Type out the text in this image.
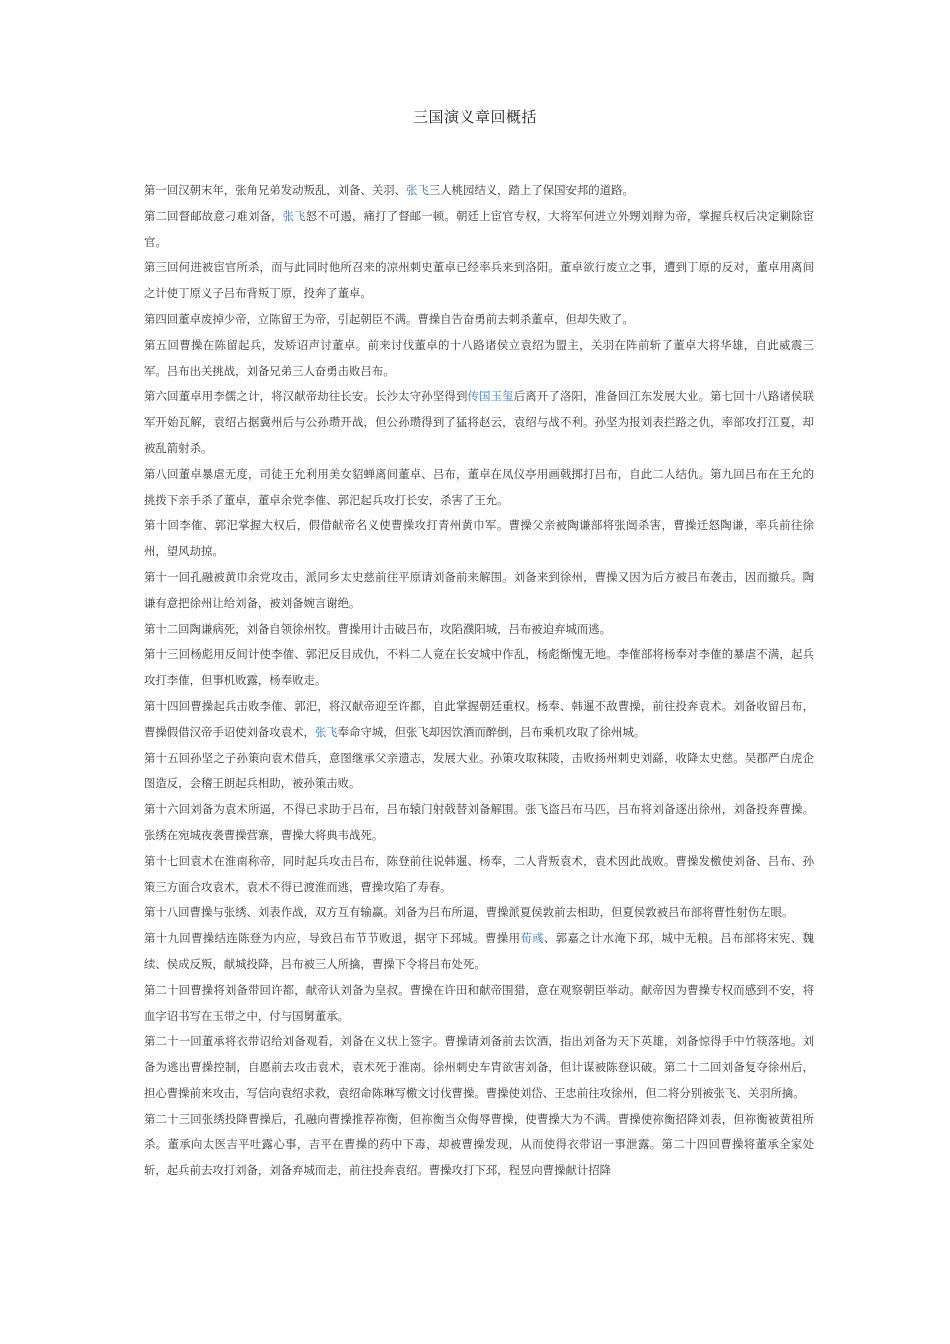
三国演义章回概括

第一回汉朝末年，张角兄弟发动叛乱，刘备、关羽、张飞三人桃园结义，踏上了保国安邦的道路。

第二回督邮故意刁难刘备，张飞怒不可遏，痛打了督邮一顿。朝廷上宦官专权，大将军何进立外甥刘辩为帝，掌握兵权后决定剿除宦官。

第三回何进被宦官所杀，而与此同时他所召来的凉州刺史董卓已经率兵来到洛阳。董卓欲行废立之事，遭到丁原的反对，董卓用离间之计使丁原义子吕布背叛丁原，投奔了董卓。

第四回董卓废掉少帝，立陈留王为帝，引起朝臣不满。曹操自告奋勇前去刺杀董卓，但却失败了。

第五回曹操在陈留起兵，发矫诏声讨董卓。前来讨伐董卓的十八路诸侯立袁绍为盟主，关羽在阵前斩了董卓大将华雄，自此威震三军。吕布出关挑战，刘备兄弟三人奋勇击败吕布。

第六回董卓用李儒之计，将汉献帝劫往长安。长沙太守孙坚得到传国玉玺后离开了洛阳，准备回江东发展大业。第七回十八路诸侯联军开始瓦解，袁绍占据冀州后与公孙瓒开战，但公孙瓒得到了猛将赵云，袁绍与战不利。孙坚为报刘表拦路之仇，率部攻打江夏，却被乱箭射杀。

第八回董卓暴虐无度，司徒王允利用美女貂蝉离间董卓、吕布，董卓在凤仪亭用画戟掷打吕布，自此二人结仇。第九回吕布在王允的挑拨下亲手杀了董卓，董卓余党李傕、郭汜起兵攻打长安，杀害了王允。

第十回李傕、郭汜掌握大权后，假借献帝名义使曹操攻打青州黄巾军。曹操父亲被陶谦部将张闿杀害，曹操迁怒陶谦，率兵前往徐州，望风劫掠。

第十一回孔融被黄巾余党攻击，派同乡太史慈前往平原请刘备前来解围。刘备来到徐州，曹操又因为后方被吕布袭击，因而撤兵。陶谦有意把徐州让给刘备，被刘备婉言谢绝。

第十二回陶谦病死，刘备自领徐州牧。曹操用计击破吕布，攻陷濮阳城，吕布被迫弃城而逃。

第十三回杨彪用反间计使李傕、郭汜反目成仇，不料二人竟在长安城中作乱，杨彪惭愧无地。李傕部将杨奉对李傕的暴虐不满，起兵攻打李傕，但事机败露，杨奉败走。

第十四回曹操起兵击败李傕、郭汜，将汉献帝迎至许都，自此掌握朝廷重权。杨奉、韩暹不敌曹操，前往投奔袁术。刘备收留吕布，曹操假借汉帝手诏使刘备攻袁术，张飞奉命守城，但张飞却因饮酒而醉倒，吕布乘机攻取了徐州城。

第十五回孙坚之子孙策向袁术借兵，意图继承父亲遗志，发展大业。孙策攻取秣陵，击败扬州刺史刘繇，收降太史慈。吴郡严白虎企图造反，会稽王朗起兵相助，被孙策击败。

第十六回刘备为袁术所逼，不得已求助于吕布，吕布辕门射戟替刘备解围。张飞盗吕布马匹，吕布将刘备逐出徐州，刘备投奔曹操。张绣在宛城夜袭曹操营寨，曹操大将典韦战死。

第十七回袁术在淮南称帝，同时起兵攻击吕布，陈登前往说韩暹、杨奉，二人背叛袁术，袁术因此战败。曹操发檄使刘备、吕布、孙策三方面合攻袁术，袁术不得已渡淮而逃，曹操攻陷了寿春。

第十八回曹操与张绣、刘表作战，双方互有输赢。刘备为吕布所逼，曹操派夏侯敦前去相助，但夏侯敦被吕布部将曹性射伤左眼。

第十九回曹操结连陈登为内应，导致吕布节节败退，据守下邳城。曹操用荀彧、郭嘉之计水淹下邳，城中无粮。吕布部将宋宪、魏续、侯成反叛，献城投降，吕布被三人所擒，曹操下令将吕布处死。

第二十回曹操将刘备带回许都，献帝认刘备为皇叔。曹操在许田和献帝围猎，意在观察朝臣举动。献帝因为曹操专权而感到不安，将血字诏书写在玉带之中，付与国舅董承。

第二十一回董承将衣带诏给刘备观看，刘备在义状上签字。曹操请刘备前去饮酒，指出刘备为天下英雄，刘备惊得手中竹筷落地。刘备为逃出曹操控制，自愿前去攻击袁术，袁术死于淮南。徐州刺史车胄欲害刘备，但计谋被陈登识破。第二十二回刘备复夺徐州后，担心曹操前来攻击，写信向袁绍求救，袁绍命陈琳写檄文讨伐曹操。曹操使刘岱、王忠前往攻徐州，但二将分别被张飞、关羽所擒。

第二十三回张绣投降曹操后，孔融向曹操推荐祢衡，但祢衡当众侮辱曹操，使曹操大为不满。曹操使祢衡招降刘表，但祢衡被黄祖所杀。董承向太医吉平吐露心事，吉平在曹操的药中下毒，却被曹操发现，从而使得衣带诏一事泄露。第二十四回曹操将董承全家处斩，起兵前去攻打刘备，刘备弃城而走，前往投奔袁绍。曹操攻打下邳，程昱向曹操献计招降
